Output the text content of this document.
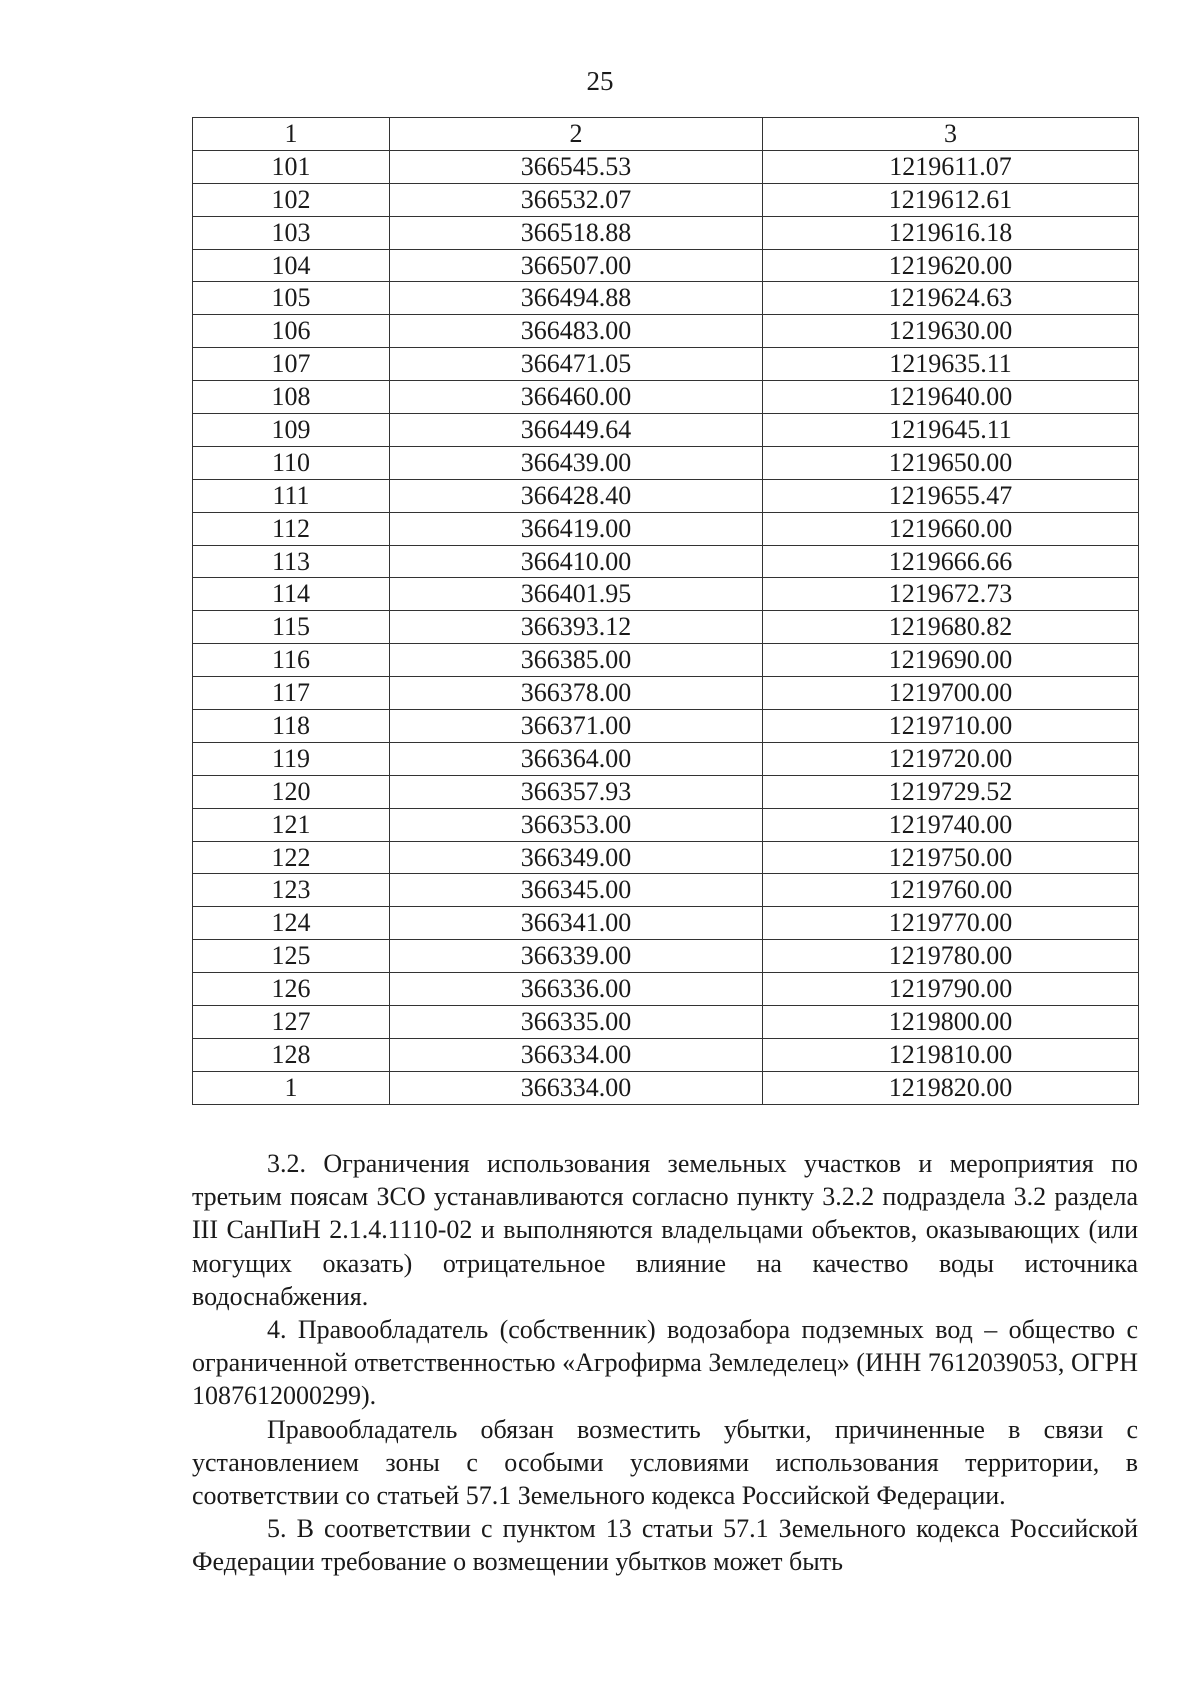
25
1	2	3
101	366545.53	1219611.07
102	366532.07	1219612.61
103	366518.88	1219616.18
104	366507.00	1219620.00
105	366494.88	1219624.63
106	366483.00	1219630.00
107	366471.05	1219635.11
108	366460.00	1219640.00
109	366449.64	1219645.11
110	366439.00	1219650.00
111	366428.40	1219655.47
112	366419.00	1219660.00
113	366410.00	1219666.66
114	366401.95	1219672.73
115	366393.12	1219680.82
116	366385.00	1219690.00
117	366378.00	1219700.00
118	366371.00	1219710.00
119	366364.00	1219720.00
120	366357.93	1219729.52
121	366353.00	1219740.00
122	366349.00	1219750.00
123	366345.00	1219760.00
124	366341.00	1219770.00
125	366339.00	1219780.00
126	366336.00	1219790.00
127	366335.00	1219800.00
128	366334.00	1219810.00
1	366334.00	1219820.00

3.2. Ограничения использования земельных участков и мероприятия по третьим поясам ЗСО устанавливаются согласно пункту 3.2.2 подраздела 3.2 раздела III СанПиН 2.1.4.1110-02 и выполняются владельцами объектов, оказывающих (или могущих оказать) отрицательное влияние на качество воды источника водоснабжения.

4. Правообладатель (собственник) водозабора подземных вод – общество с ограниченной ответственностью «Агрофирма Земледелец» (ИНН 7612039053, ОГРН 1087612000299).

Правообладатель обязан возместить убытки, причиненные в связи с установлением зоны с особыми условиями использования территории, в соответствии со статьей 57.1 Земельного кодекса Российской Федерации.

5. В соответствии с пунктом 13 статьи 57.1 Земельного кодекса Российской Федерации требование о возмещении убытков может быть
